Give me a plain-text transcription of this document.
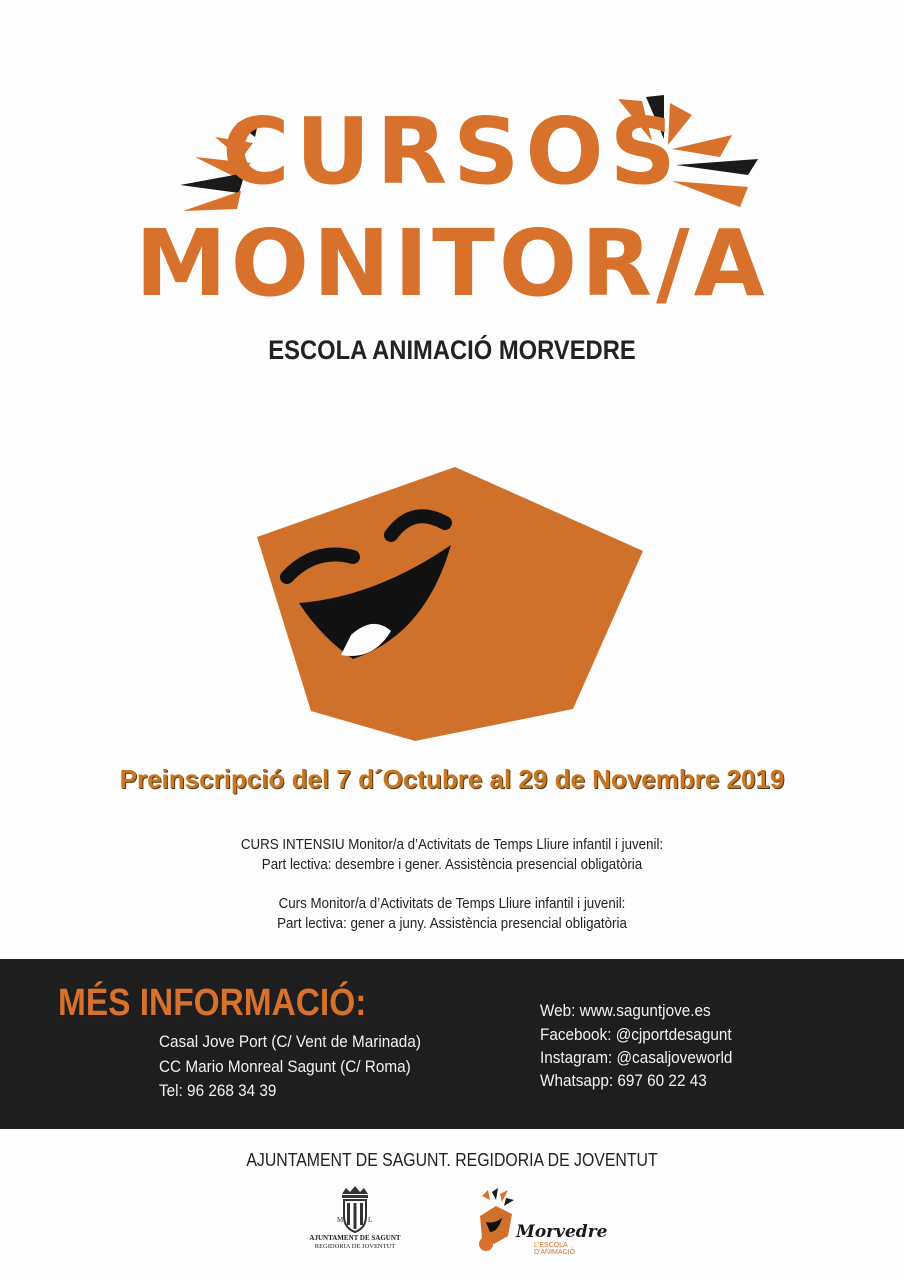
CURSOS
MONITOR/A
ESCOLA ANIMACIÓ MORVEDRE
Preinscripció del 7 d´Octubre al 29 de Novembre 2019
CURS INTENSIU Monitor/a d’Activitats de Temps Lliure infantil i juvenil:
Part lectiva: desembre i gener. Assistència presencial obligatòria
Curs Monitor/a d’Activitats de Temps Lliure infantil i juvenil:
Part lectiva: gener a juny. Assistència presencial obligatòria
MÉS INFORMACIÓ:
Casal Jove Port (C/ Vent de Marinada)
CC Mario Monreal Sagunt (C/ Roma)
Tel: 96 268 34 39
Web: www.saguntjove.es
Facebook: @cjportdesagunt
Instagram: @casaljoveworld
Whatsapp: 697 60 22 43
AJUNTAMENT DE SAGUNT. REGIDORIA DE JOVENTUT
M	L
AJUNTAMENT DE SAGUNT
REGIDORIA DE JOVENTUT
Morvedre
L'ESCOLA D'ANIMACIÓ
